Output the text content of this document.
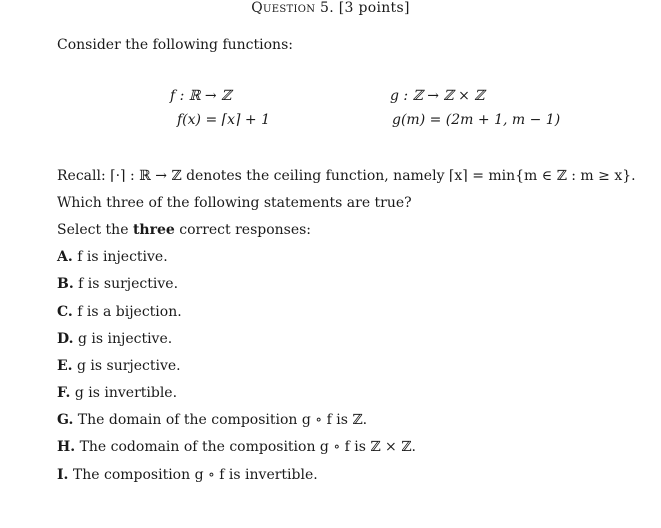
Question 5. [3 points]
Consider the following functions:
f : ℝ → ℤ
f(x) = ⌈x⌉ + 1
g : ℤ → ℤ × ℤ
g(m) = (2m + 1, m − 1)
Recall: ⌈·⌉ : ℝ → ℤ denotes the ceiling function, namely ⌈x⌉ = min{m ∈ ℤ : m ≥ x}.
Which three of the following statements are true?
Select the three correct responses:
A. f is injective.
B. f is surjective.
C. f is a bijection.
D. g is injective.
E. g is surjective.
F. g is invertible.
G. The domain of the composition g ∘ f is ℤ.
H. The codomain of the composition g ∘ f is ℤ × ℤ.
I. The composition g ∘ f is invertible.
